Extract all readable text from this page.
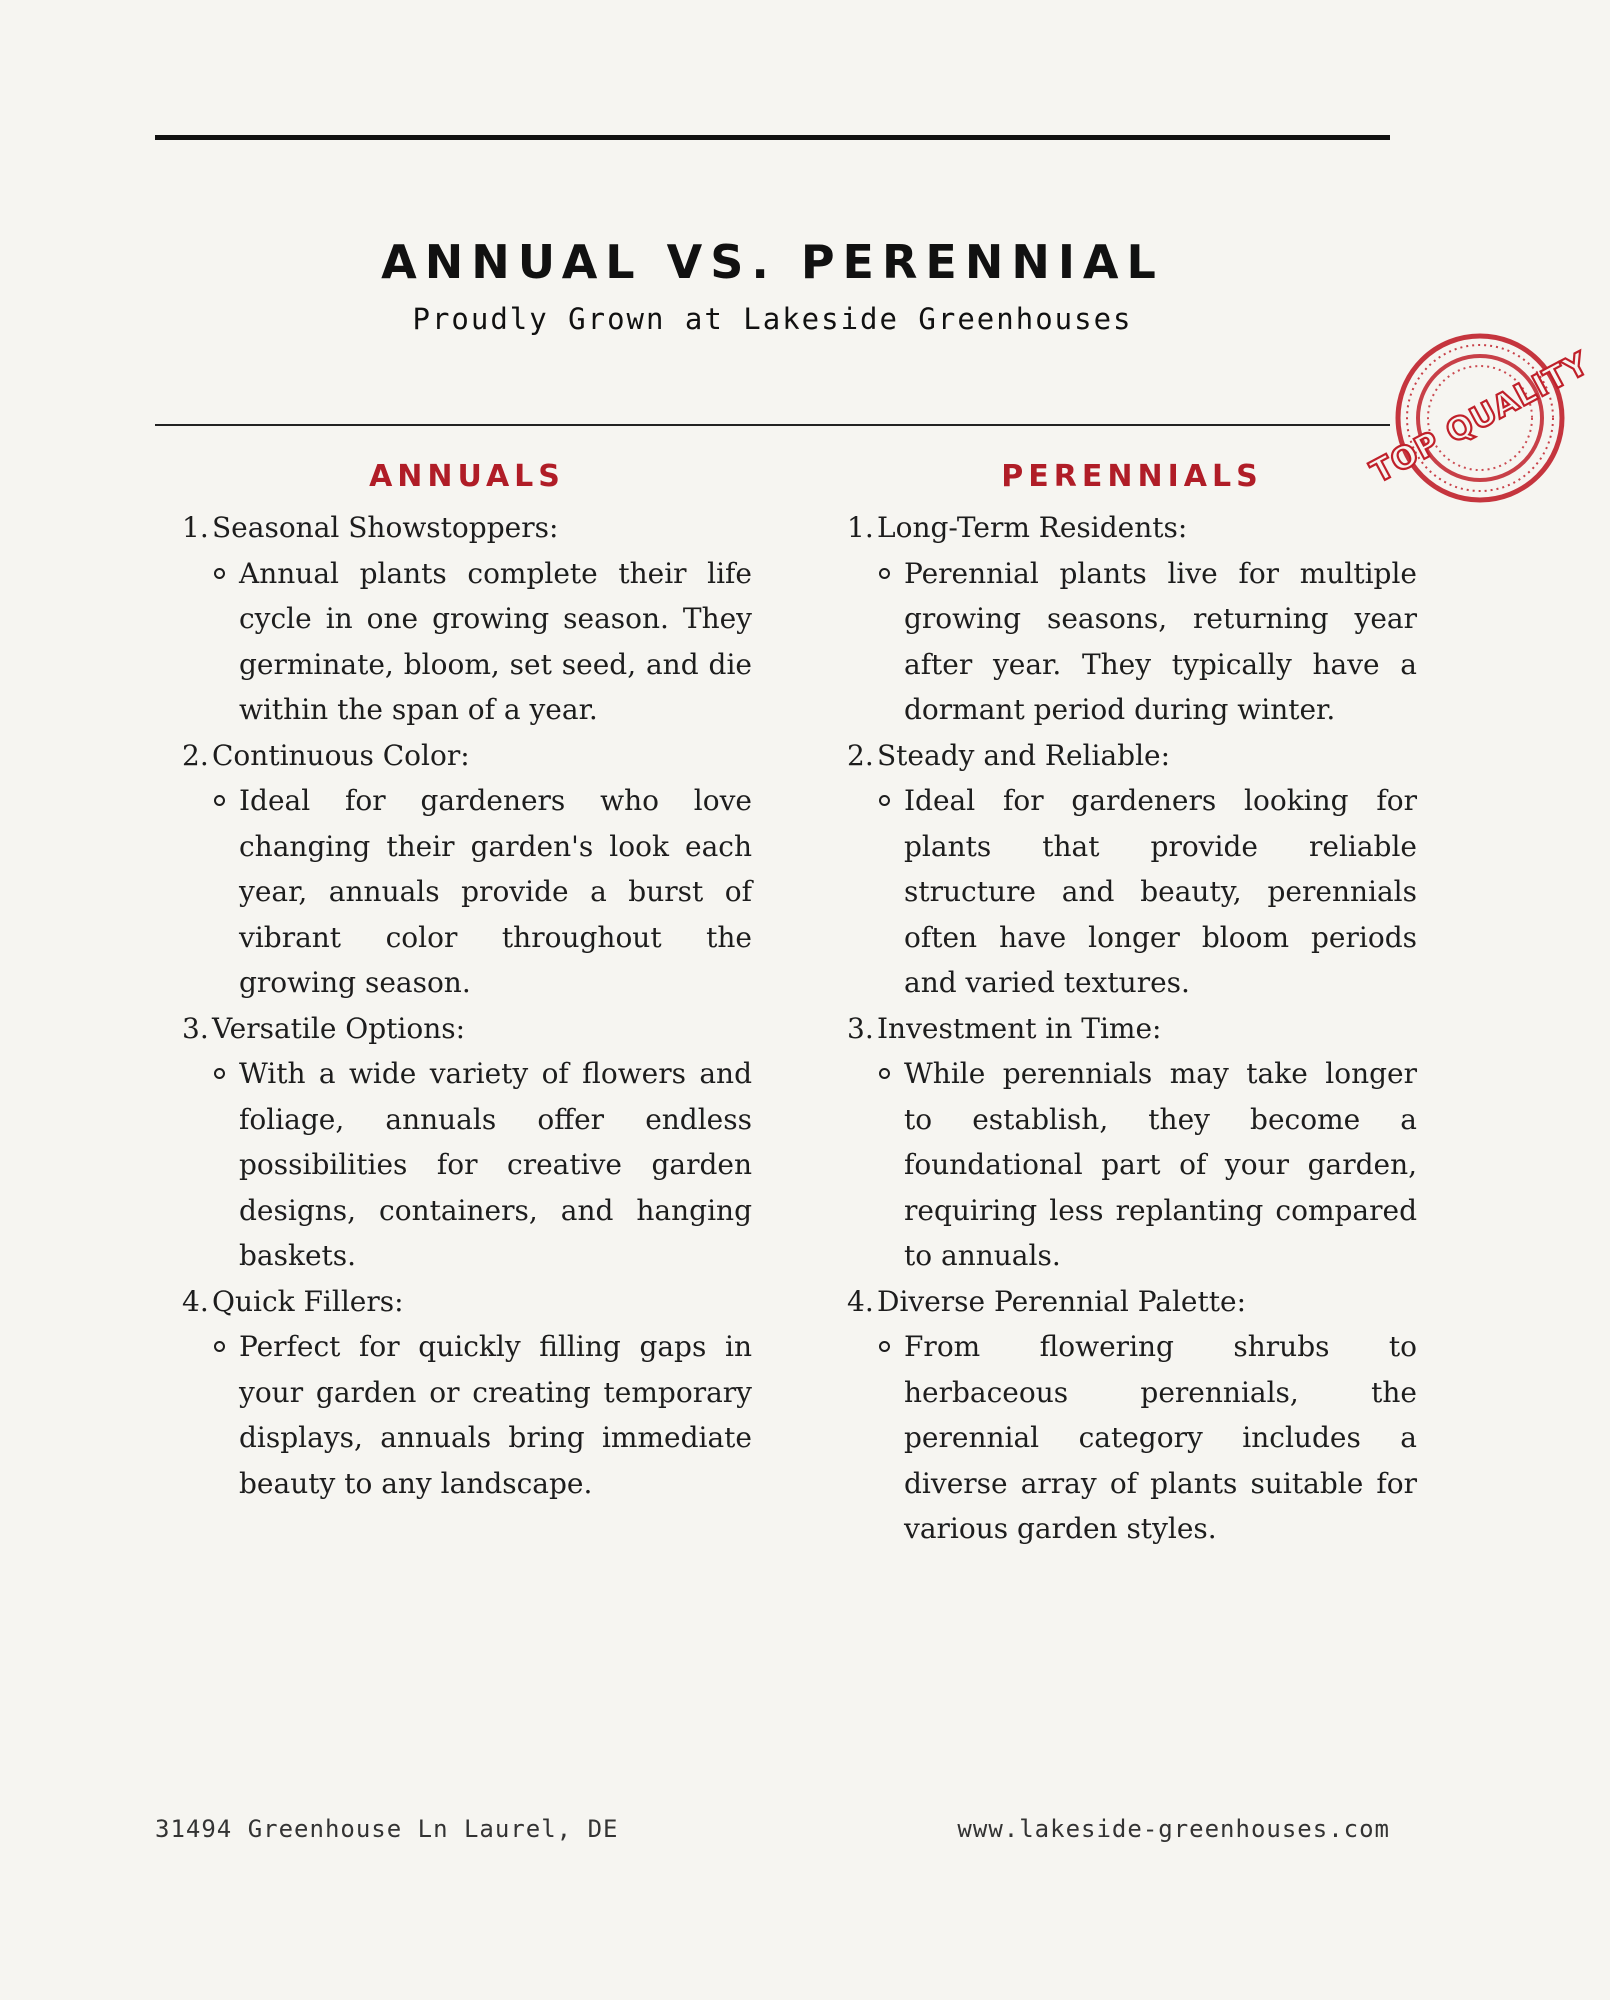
ANNUAL VS. PERENNIAL

Proudly Grown at Lakeside Greenhouses

ANNUALS
1. Seasonal Showstoppers:

Annual plants complete their life cycle in one growing season. They germinate, bloom, set seed, and die within the span of a year.

2. Continuous Color:

Ideal for gardeners who love changing their garden's look each year, annuals provide a burst of vibrant color throughout the growing season.

3. Versatile Options:

With a wide variety of flowers and foliage, annuals offer endless possibilities for creative garden designs, containers, and hanging baskets.

4. Quick Fillers:

Perfect for quickly filling gaps in your garden or creating temporary displays, annuals bring immediate beauty to any landscape.

PERENNIALS
1. Long-Term Residents:

Perennial plants live for multiple growing seasons, returning year after year. They typically have a dormant period during winter.

2. Steady and Reliable:

Ideal for gardeners looking for plants that provide reliable structure and beauty, perennials often have longer bloom periods and varied textures.

3. Investment in Time:

While perennials may take longer to establish, they become a foundational part of your garden, requiring less replanting compared to annuals.

4. Diverse Perennial Palette:

From flowering shrubs to herbaceous perennials, the perennial category includes a diverse array of plants suitable for various garden styles.

TOP QUALITY
31494 Greenhouse Ln Laurel, DE	www.lakeside-greenhouses.com
